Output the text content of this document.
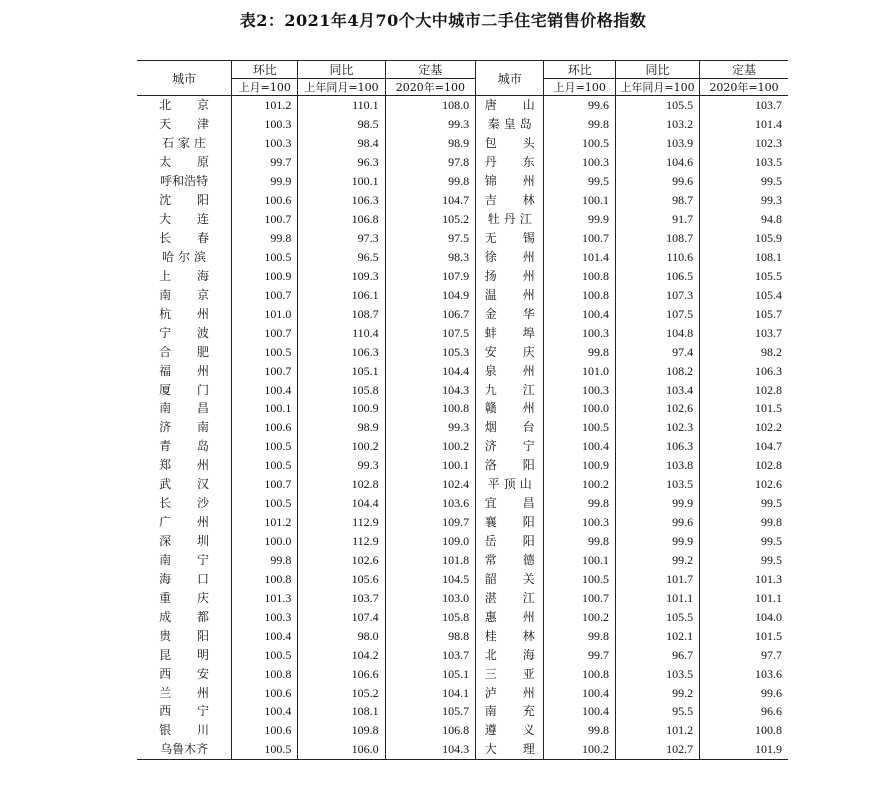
表2：2021年4月70个大中城市二手住宅销售价格指数
城市	环比	同比	定基	城市	环比	同比	定基
	上月=100	上年同月=100	2020年=100		上月=100	上年同月=100	2020年=100
北 京	101.2	110.1	108.0	唐 山	99.6	105.5	103.7
天 津	100.3	98.5	99.3	秦皇岛	99.8	103.2	101.4
石家庄	100.3	98.4	98.9	包 头	100.5	103.9	102.3
太 原	99.7	96.3	97.8	丹 东	100.3	104.6	103.5
呼和浩特	99.9	100.1	99.8	锦 州	99.5	99.6	99.5
沈 阳	100.6	106.3	104.7	吉 林	100.1	98.7	99.3
大 连	100.7	106.8	105.2	牡丹江	99.9	91.7	94.8
长 春	99.8	97.3	97.5	无 锡	100.7	108.7	105.9
哈尔滨	100.5	96.5	98.3	徐 州	101.4	110.6	108.1
上 海	100.9	109.3	107.9	扬 州	100.8	106.5	105.5
南 京	100.7	106.1	104.9	温 州	100.8	107.3	105.4
杭 州	101.0	108.7	106.7	金 华	100.4	107.5	105.7
宁 波	100.7	110.4	107.5	蚌 埠	100.3	104.8	103.7
合 肥	100.5	106.3	105.3	安 庆	99.8	97.4	98.2
福 州	100.7	105.1	104.4	泉 州	101.0	108.2	106.3
厦 门	100.4	105.8	104.3	九 江	100.3	103.4	102.8
南 昌	100.1	100.9	100.8	赣 州	100.0	102.6	101.5
济 南	100.6	98.9	99.3	烟 台	100.5	102.3	102.2
青 岛	100.5	100.2	100.2	济 宁	100.4	106.3	104.7
郑 州	100.5	99.3	100.1	洛 阳	100.9	103.8	102.8
武 汉	100.7	102.8	102.4	平顶山	100.2	103.5	102.6
长 沙	100.5	104.4	103.6	宜 昌	99.8	99.9	99.5
广 州	101.2	112.9	109.7	襄 阳	100.3	99.6	99.8
深 圳	100.0	112.9	109.0	岳 阳	99.8	99.9	99.5
南 宁	99.8	102.6	101.8	常 德	100.1	99.2	99.5
海 口	100.8	105.6	104.5	韶 关	100.5	101.7	101.3
重 庆	101.3	103.7	103.0	湛 江	100.7	101.1	101.1
成 都	100.3	107.4	105.8	惠 州	100.2	105.5	104.0
贵 阳	100.4	98.0	98.8	桂 林	99.8	102.1	101.5
昆 明	100.5	104.2	103.7	北 海	99.7	96.7	97.7
西 安	100.8	106.6	105.1	三 亚	100.8	103.5	103.6
兰 州	100.6	105.2	104.1	泸 州	100.4	99.2	99.6
西 宁	100.4	108.1	105.7	南 充	100.4	95.5	96.6
银 川	100.6	109.8	106.8	遵 义	99.8	101.2	100.8
乌鲁木齐	100.5	106.0	104.3	大 理	100.2	102.7	101.9
